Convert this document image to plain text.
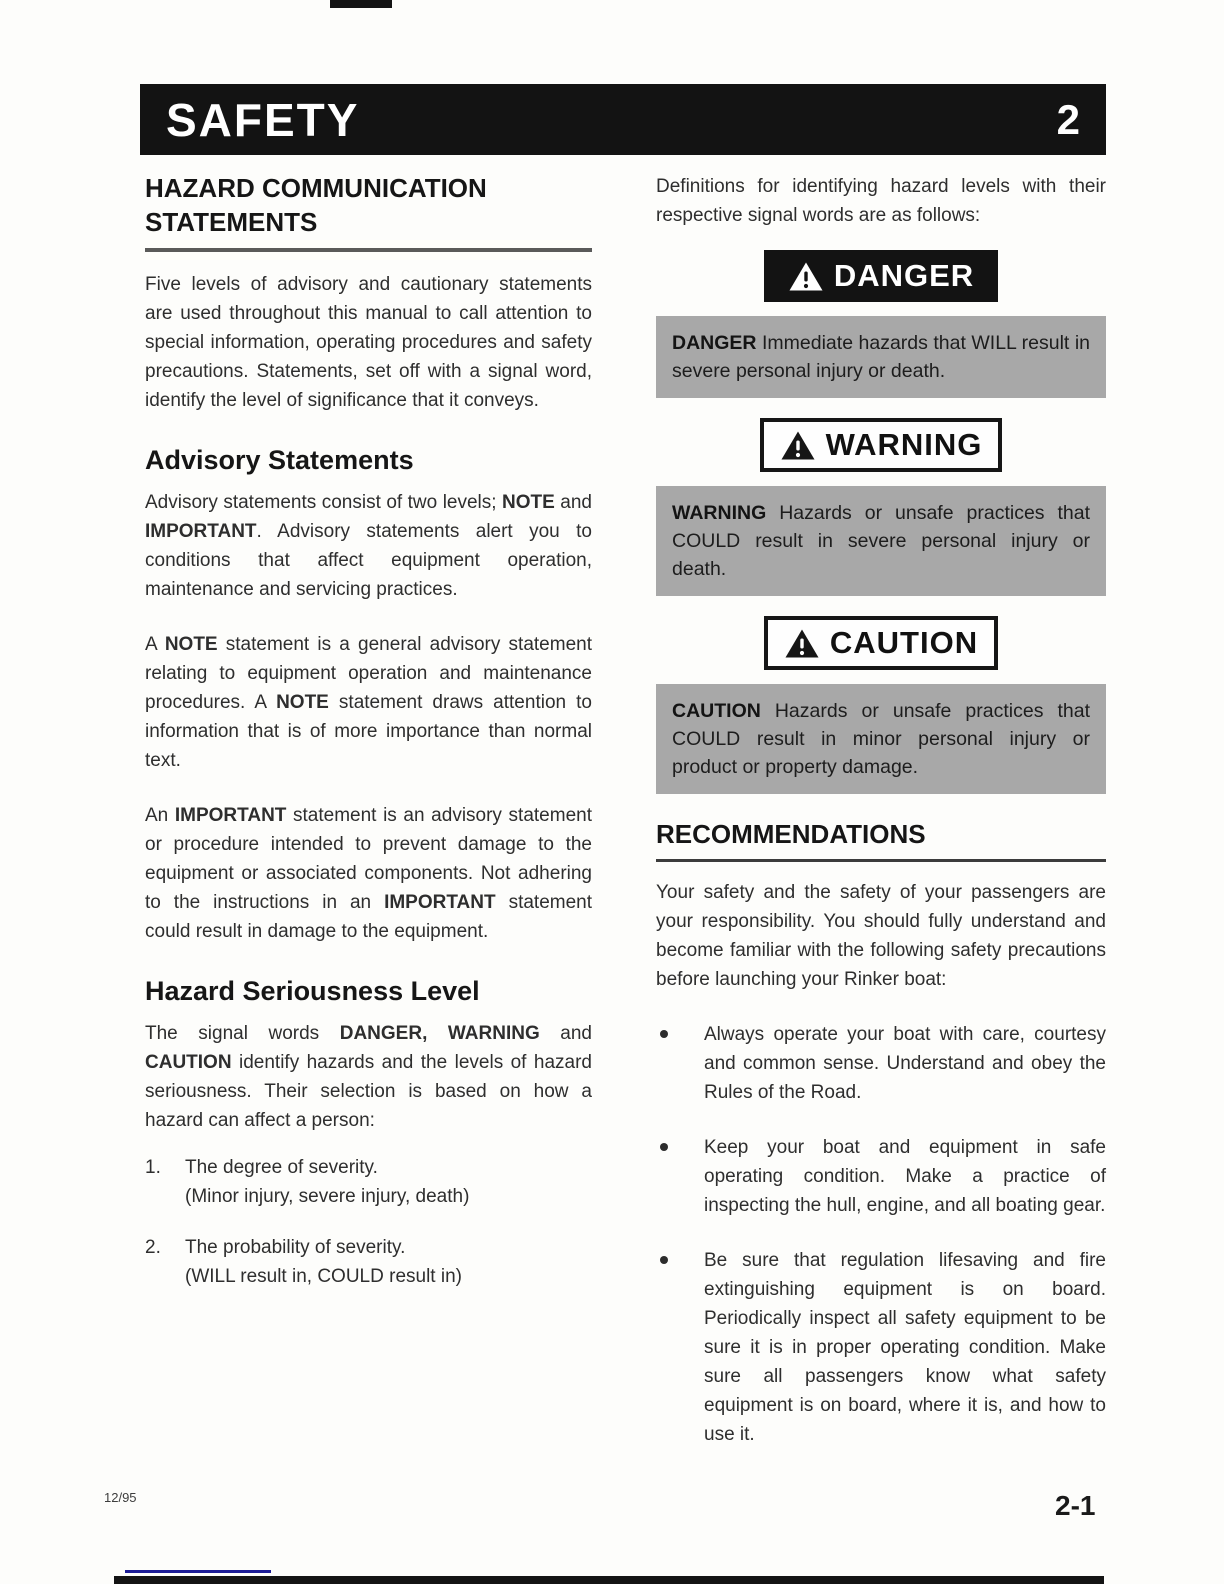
SAFETY	2
HAZARD COMMUNICATION STATEMENTS

Five levels of advisory and cautionary statements are used throughout this manual to call attention to special information, operating procedures and safety precautions. Statements, set off with a signal word, identify the level of significance that it conveys.

Advisory Statements

Advisory statements consist of two levels; NOTE and IMPORTANT. Advisory statements alert you to conditions that affect equipment operation, maintenance and servicing practices.

A NOTE statement is a general advisory statement relating to equipment operation and maintenance procedures. A NOTE statement draws attention to information that is of more importance than normal text.

An IMPORTANT statement is an advisory statement or procedure intended to prevent damage to the equipment or associated components. Not adhering to the instructions in an IMPORTANT statement could result in damage to the equipment.

Hazard Seriousness Level

The signal words DANGER, WARNING and CAUTION identify hazards and the levels of hazard seriousness. Their selection is based on how a hazard can affect a person:

1.	The degree of severity.
(Minor injury, severe injury, death)
2.	The probability of severity.
(WILL result in, COULD result in)

Definitions for identifying hazard levels with their respective signal words are as follows:

DANGER
DANGER Immediate hazards that WILL result in severe personal injury or death.
WARNING
WARNING Hazards or unsafe practices that COULD result in severe personal injury or death.
CAUTION
CAUTION Hazards or unsafe practices that COULD result in minor personal injury or product or property damage.
RECOMMENDATIONS

Your safety and the safety of your passengers are your responsibility. You should fully understand and become familiar with the following safety precautions before launching your Rinker boat:

Always operate your boat with care, courtesy and common sense. Understand and obey the Rules of the Road.
Keep your boat and equipment in safe operating condition. Make a practice of inspecting the hull, engine, and all boating gear.
Be sure that regulation lifesaving and fire extinguishing equipment is on board. Periodically inspect all safety equipment to be sure it is in proper operating condition. Make sure all passengers know what safety equipment is on board, where it is, and how to use it.
12/95	2-1
